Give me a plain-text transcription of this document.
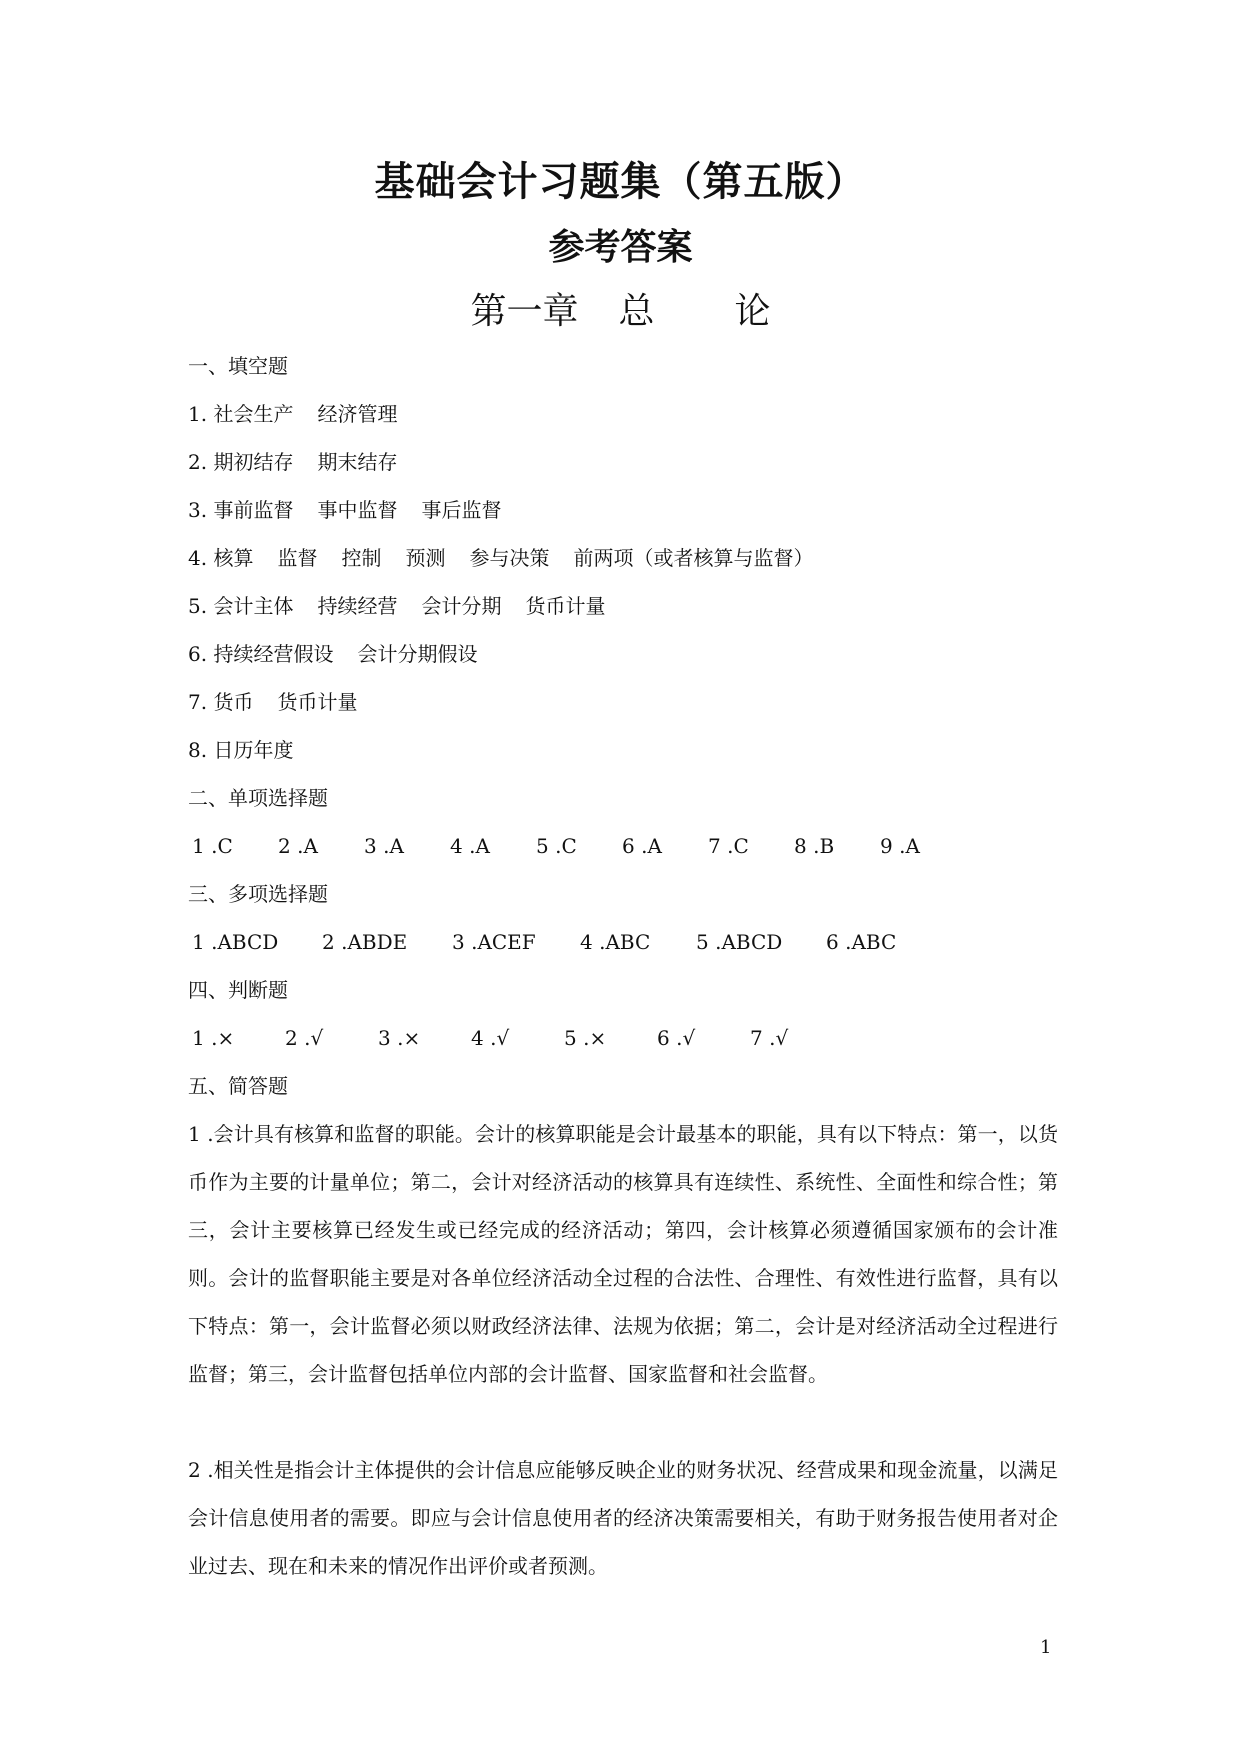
基础会计习题集（第五版）
参考答案
第一章 总 论
一、填空题
1. 社会生产 经济管理
2. 期初结存 期末结存
3. 事前监督 事中监督 事后监督
4. 核算 监督 控制 预测 参与决策 前两项（或者核算与监督）
5. 会计主体 持续经营 会计分期 货币计量
6. 持续经营假设 会计分期假设
7. 货币 货币计量
8. 日历年度
二、单项选择题
1 .C	2 .A	3 .A	4 .A	5 .C	6 .A	7 .C	8 .B	9 .A
三、多项选择题
1 .ABCD	2 .ABDE	3 .ACEF	4 .ABC	5 .ABCD	6 .ABC
四、判断题
1 .×	2 .√	3 .×	4 .√	5 .×	6 .√	7 .√
五、简答题
1 .会计具有核算和监督的职能。会计的核算职能是会计最基本的职能，具有以下特点：第一，以货币作为主要的计量单位；第二，会计对经济活动的核算具有连续性、系统性、全面性和综合性；第三，会计主要核算已经发生或已经完成的经济活动；第四，会计核算必须遵循国家颁布的会计准则。会计的监督职能主要是对各单位经济活动全过程的合法性、合理性、有效性进行监督，具有以下特点：第一，会计监督必须以财政经济法律、法规为依据；第二，会计是对经济活动全过程进行监督；第三，会计监督包括单位内部的会计监督、国家监督和社会监督。
2 .相关性是指会计主体提供的会计信息应能够反映企业的财务状况、经营成果和现金流量，以满足会计信息使用者的需要。即应与会计信息使用者的经济决策需要相关，有助于财务报告使用者对企业过去、现在和未来的情况作出评价或者预测。
1
